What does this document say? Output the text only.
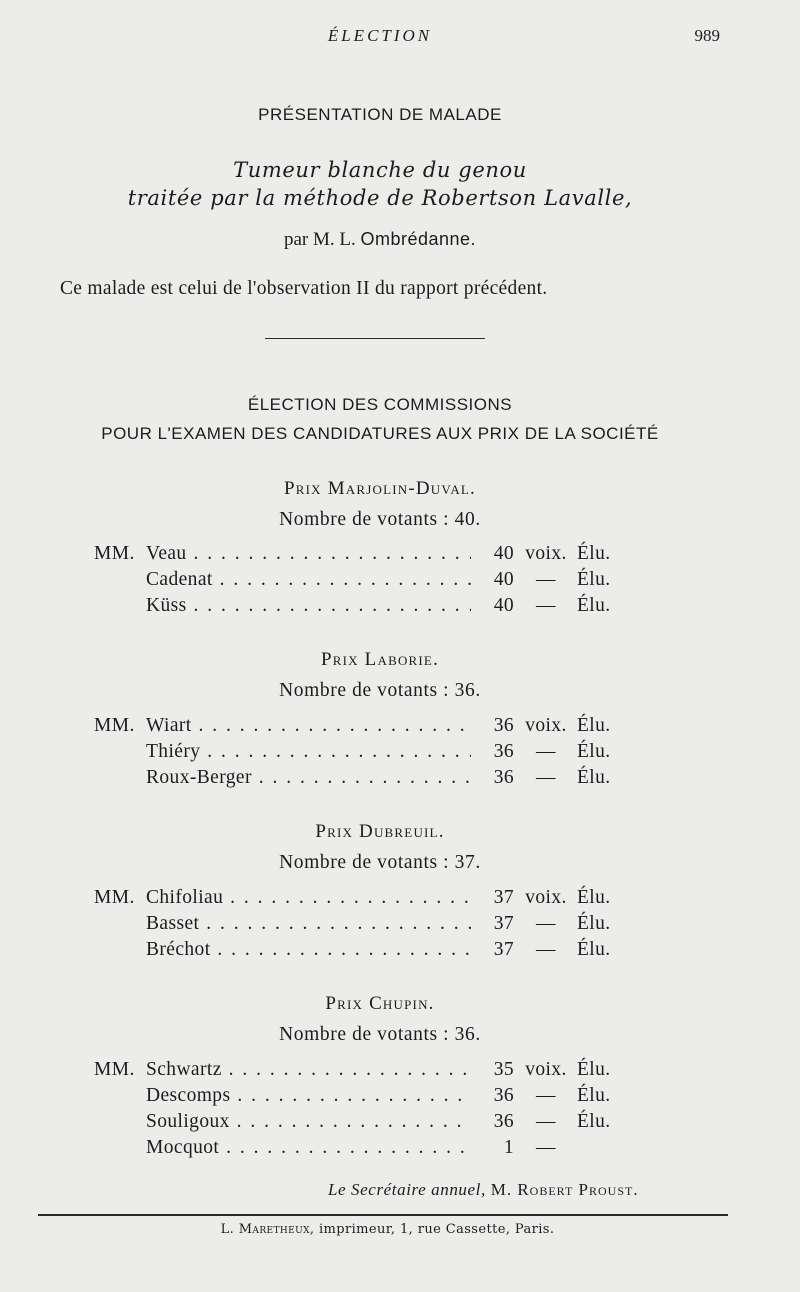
ÉLECTION	989
PRÉSENTATION DE MALADE
Tumeur blanche du genou
traitée par la méthode de Robertson Lavalle,
par M. L. Ombrédanne.
Ce malade est celui de l'observation II du rapport précédent.
ÉLECTION DES COMMISSIONS
POUR L'EXAMEN DES CANDIDATURES AUX PRIX DE LA SOCIÉTÉ
Prix Marjolin-Duval.
Nombre de votants : 40.
MM. Veau . . .	40 voix. Élu.
Cadenat . . .	40	—	Élu.
Küss . . .	40	—	Élu.
Prix Laborie.
Nombre de votants : 36.
MM. Wiart . . .	36 voix. Élu.
Thiéry . . .	36	—	Élu.
Roux-Berger . . .	36	—	Élu.
Prix Dubreuil.
Nombre de votants : 37.
MM. Chifoliau . . .	37 voix. Élu.
Basset . . .	37	—	Élu.
Bréchot . . .	37	—	Élu.
Prix Chupin.
Nombre de votants : 36.
MM. Schwartz . . .	35 voix. Élu.
Descomps . . .	36	—	Élu.
Souligoux . . .	36	—	Élu.
Mocquot . . .	1	—
Le Secrétaire annuel, M. Robert Proust.
L. Maretheux, imprimeur, 1, rue Cassette, Paris.
